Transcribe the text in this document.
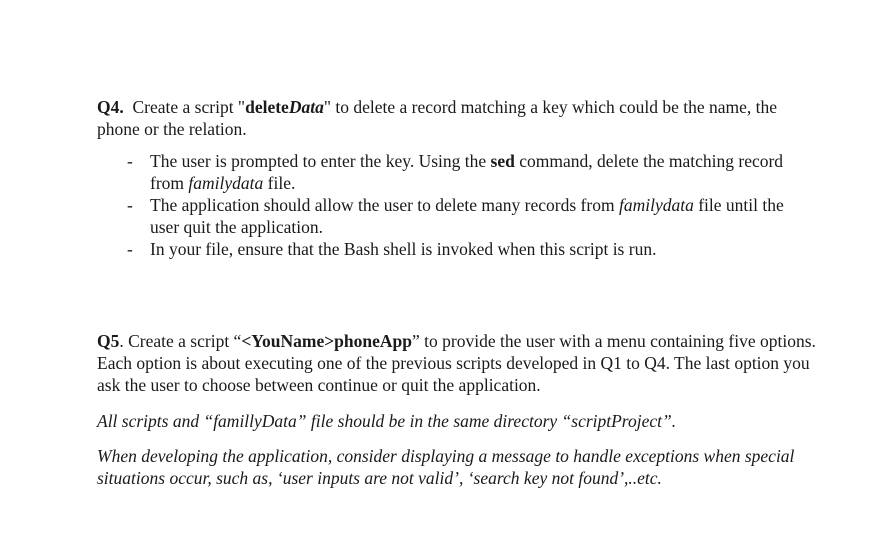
Q4. Create a script "deleteData" to delete a record matching a key which could be the name, the phone or the relation.

- The user is prompted to enter the key. Using the sed command, delete the matching record from familydata file.
- The application should allow the user to delete many records from familydata file until the user quit the application.
- In your file, ensure that the Bash shell is invoked when this script is run.

Q5. Create a script “<YouName>phoneApp” to provide the user with a menu containing five options. Each option is about executing one of the previous scripts developed in Q1 to Q4. The last option you ask the user to choose between continue or quit the application.

All scripts and “famillyData” file should be in the same directory “scriptProject”.

When developing the application, consider displaying a message to handle exceptions when special situations occur, such as, ‘user inputs are not valid’, ‘search key not found’,..etc.
